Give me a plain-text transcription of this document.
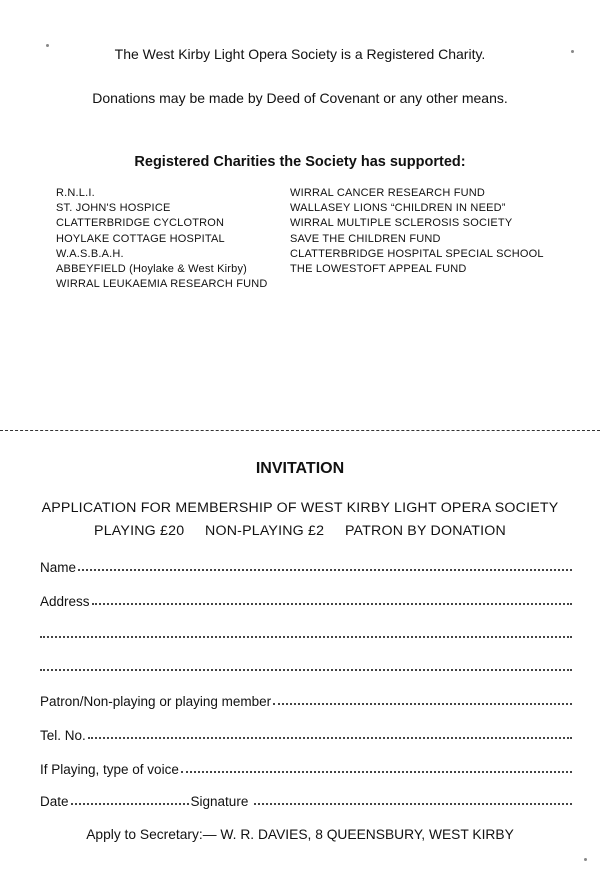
The West Kirby Light Opera Society is a Registered Charity.
Donations may be made by Deed of Covenant or any other means.
Registered Charities the Society has supported:
R.N.L.I.
ST. JOHN'S HOSPICE
CLATTERBRIDGE CYCLOTRON
HOYLAKE COTTAGE HOSPITAL
W.A.S.B.A.H.
ABBEYFIELD (Hoylake & West Kirby)
WIRRAL LEUKAEMIA RESEARCH FUND
WIRRAL CANCER RESEARCH FUND
WALLASEY LIONS “CHILDREN IN NEED”
WIRRAL MULTIPLE SCLEROSIS SOCIETY
SAVE THE CHILDREN FUND
CLATTERBRIDGE HOSPITAL SPECIAL SCHOOL
THE LOWESTOFT APPEAL FUND
INVITATION
APPLICATION FOR MEMBERSHIP OF WEST KIRBY LIGHT OPERA SOCIETY
PLAYING £20     NON-PLAYING £2     PATRON BY DONATION
Name
Address
Patron/Non-playing or playing member
Tel. No.
If Playing, type of voice
Date	Signature
Apply to Secretary:— W. R. DAVIES, 8 QUEENSBURY, WEST KIRBY
